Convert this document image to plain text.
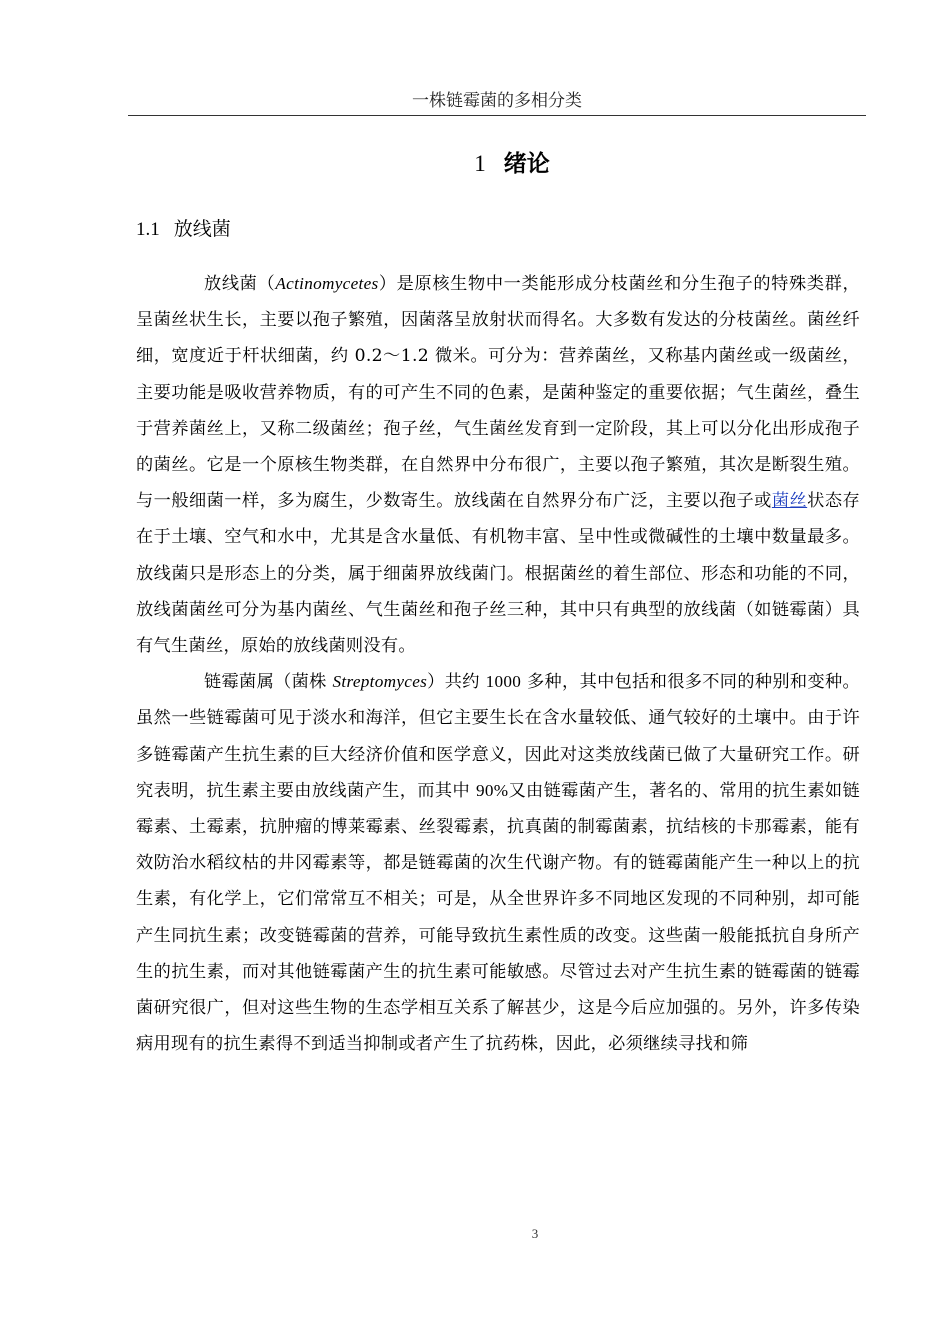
一株链霉菌的多相分类
1 绪论
1.1 放线菌

放线菌（Actinomycetes）是原核生物中一类能形成分枝菌丝和分生孢子的特殊类群，呈菌丝状生长，主要以孢子繁殖，因菌落呈放射状而得名。大多数有发达的分枝菌丝。菌丝纤细，宽度近于杆状细菌，约 0.2～1.2 微米。可分为：营养菌丝，又称基内菌丝或一级菌丝，主要功能是吸收营养物质，有的可产生不同的色素，是菌种鉴定的重要依据；气生菌丝，叠生于营养菌丝上，又称二级菌丝；孢子丝，气生菌丝发育到一定阶段，其上可以分化出形成孢子的菌丝。它是一个原核生物类群，在自然界中分布很广，主要以孢子繁殖，其次是断裂生殖。与一般细菌一样，多为腐生，少数寄生。放线菌在自然界分布广泛，主要以孢子或菌丝状态存在于土壤、空气和水中，尤其是含水量低、有机物丰富、呈中性或微碱性的土壤中数量最多。放线菌只是形态上的分类，属于细菌界放线菌门。根据菌丝的着生部位、形态和功能的不同，放线菌菌丝可分为基内菌丝、气生菌丝和孢子丝三种，其中只有典型的放线菌（如链霉菌）具有气生菌丝，原始的放线菌则没有。

链霉菌属（菌株 Streptomyces）共约 1000 多种，其中包括和很多不同的种别和变种。虽然一些链霉菌可见于淡水和海洋，但它主要生长在含水量较低、通气较好的土壤中。由于许多链霉菌产生抗生素的巨大经济价值和医学意义，因此对这类放线菌已做了大量研究工作。研究表明，抗生素主要由放线菌产生，而其中 90%又由链霉菌产生，著名的、常用的抗生素如链霉素、土霉素，抗肿瘤的博莱霉素、丝裂霉素，抗真菌的制霉菌素，抗结核的卡那霉素，能有效防治水稻纹枯的井冈霉素等，都是链霉菌的次生代谢产物。有的链霉菌能产生一种以上的抗生素，有化学上，它们常常互不相关；可是，从全世界许多不同地区发现的不同种别，却可能产生同抗生素；改变链霉菌的营养，可能导致抗生素性质的改变。这些菌一般能抵抗自身所产生的抗生素，而对其他链霉菌产生的抗生素可能敏感。尽管过去对产生抗生素的链霉菌的链霉菌研究很广，但对这些生物的生态学相互关系了解甚少，这是今后应加强的。另外，许多传染病用现有的抗生素得不到适当抑制或者产生了抗药株，因此，必须继续寻找和筛

3
